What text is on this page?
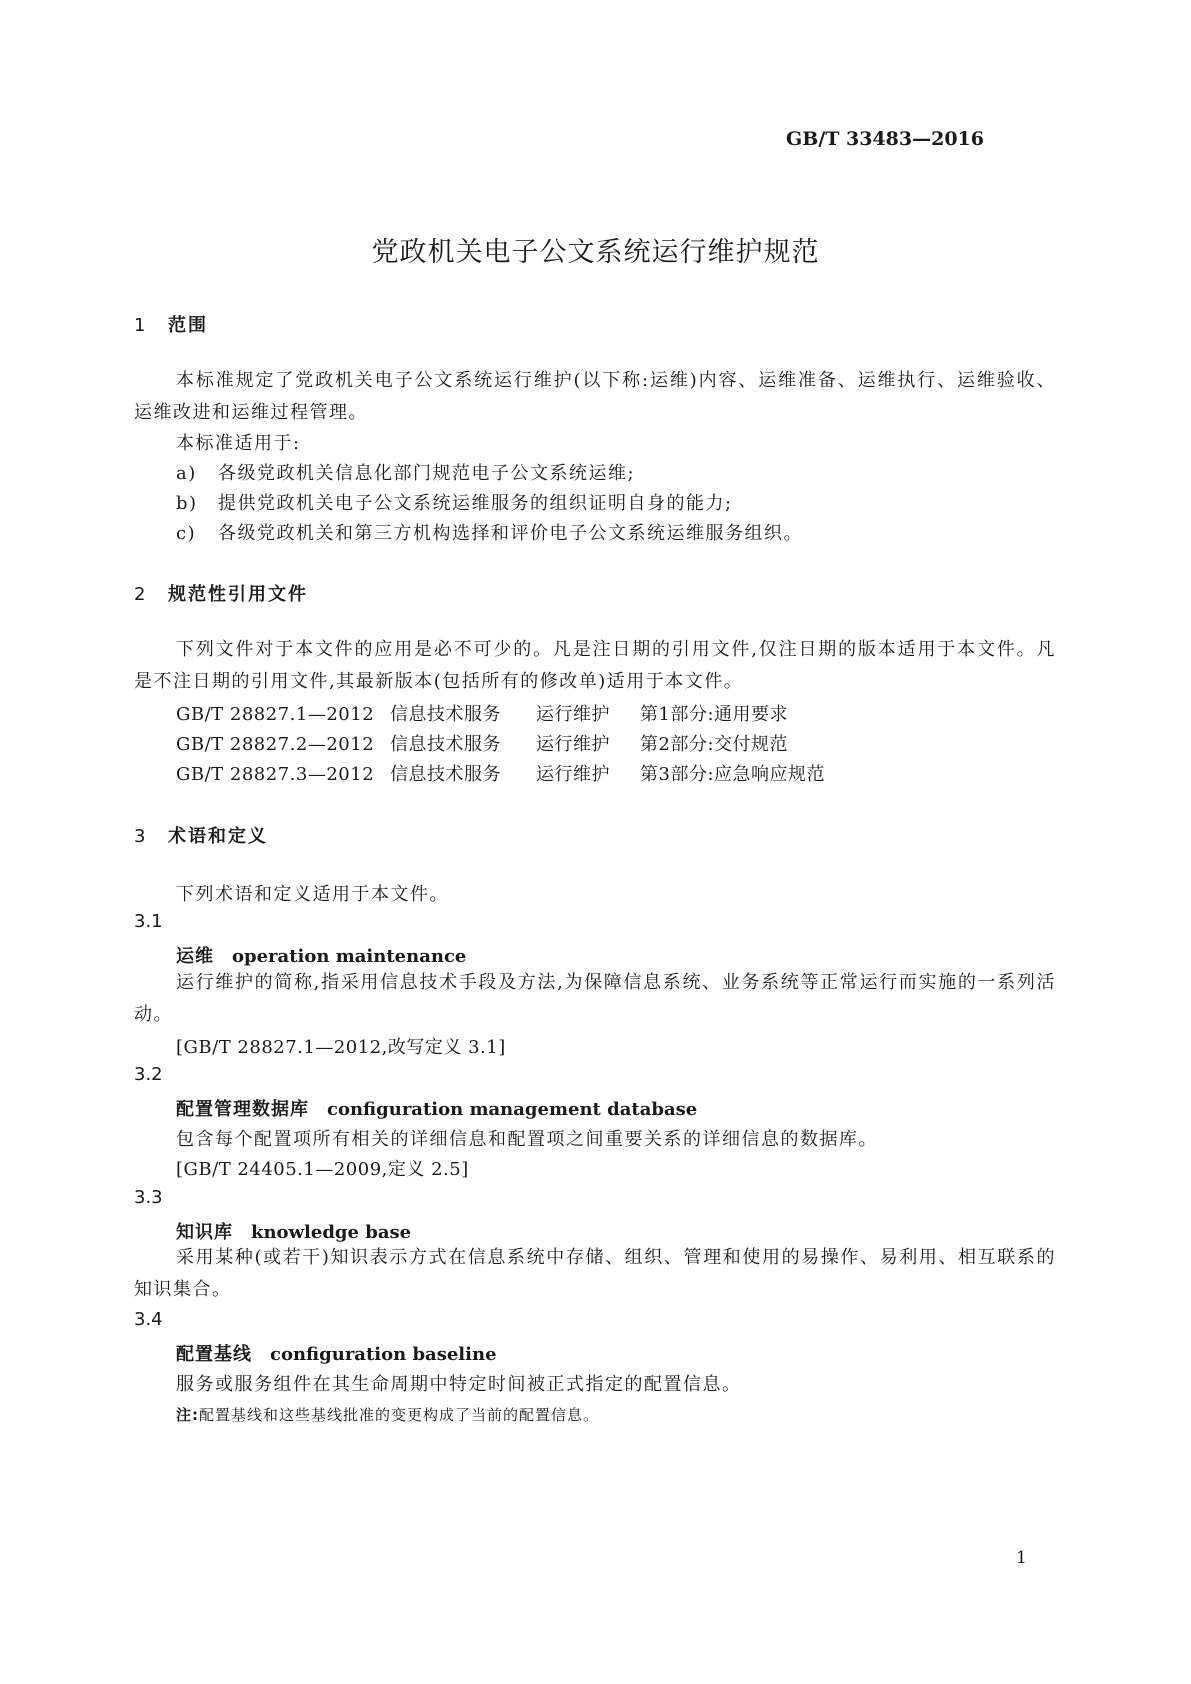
GB/T 33483—2016
党政机关电子公文系统运行维护规范
1 范围
本标准规定了党政机关电子公文系统运行维护(以下称:运维)内容、运维准备、运维执行、运维验收、运维改进和运维过程管理。
本标准适用于:
a) 各级党政机关信息化部门规范电子公文系统运维;
b) 提供党政机关电子公文系统运维服务的组织证明自身的能力;
c) 各级党政机关和第三方机构选择和评价电子公文系统运维服务组织。
2 规范性引用文件
下列文件对于本文件的应用是必不可少的。凡是注日期的引用文件,仅注日期的版本适用于本文件。凡是不注日期的引用文件,其最新版本(包括所有的修改单)适用于本文件。
GB/T 28827.1—2012 信息技术服务 运行维护 第1部分:通用要求
GB/T 28827.2—2012 信息技术服务 运行维护 第2部分:交付规范
GB/T 28827.3—2012 信息技术服务 运行维护 第3部分:应急响应规范
3 术语和定义
下列术语和定义适用于本文件。
3.1
运维 operation maintenance
运行维护的简称,指采用信息技术手段及方法,为保障信息系统、业务系统等正常运行而实施的一系列活动。
[GB/T 28827.1—2012,改写定义 3.1]
3.2
配置管理数据库 configuration management database
包含每个配置项所有相关的详细信息和配置项之间重要关系的详细信息的数据库。
[GB/T 24405.1—2009,定义 2.5]
3.3
知识库 knowledge base
采用某种(或若干)知识表示方式在信息系统中存储、组织、管理和使用的易操作、易利用、相互联系的知识集合。
3.4
配置基线 configuration baseline
服务或服务组件在其生命周期中特定时间被正式指定的配置信息。
注:配置基线和这些基线批准的变更构成了当前的配置信息。
1
